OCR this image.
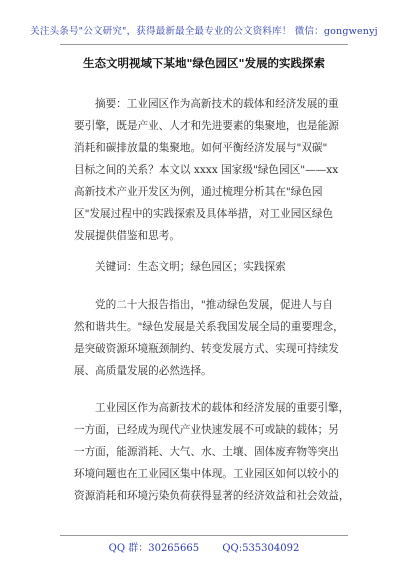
关注头条号"公文研究"，获得最新最全最专业的公文资料库！ 微信：gongwenyj
生态文明视域下某地"绿色园区"发展的实践探索
摘要：工业园区作为高新技术的载体和经济发展的重
要引擎，既是产业、人才和先进要素的集聚地，也是能源
消耗和碳排放量的集聚地。如何平衡经济发展与"双碳"
目标之间的关系？本文以 xxxx 国家级"绿色园区"——xx
高新技术产业开发区为例，通过梳理分析其在"绿色园
区"发展过程中的实践探索及具体举措，对工业园区绿色
发展提供借鉴和思考。
关键词：生态文明；绿色园区；实践探索
党的二十大报告指出，"推动绿色发展，促进人与自
然和谐共生。"绿色发展是关系我国发展全局的重要理念，
是突破资源环境瓶颈制约、转变发展方式、实现可持续发
展、高质量发展的必然选择。
工业园区作为高新技术的载体和经济发展的重要引擎，
一方面，已经成为现代产业快速发展不可或缺的载体；另
一方面，能源消耗、大气、水、土壤、固体废弃物等突出
环境问题也在工业园区集中体现。工业园区如何以较小的
资源消耗和环境污染负荷获得显著的经济效益和社会效益，
QQ 群：30265665 QQ:535304092
